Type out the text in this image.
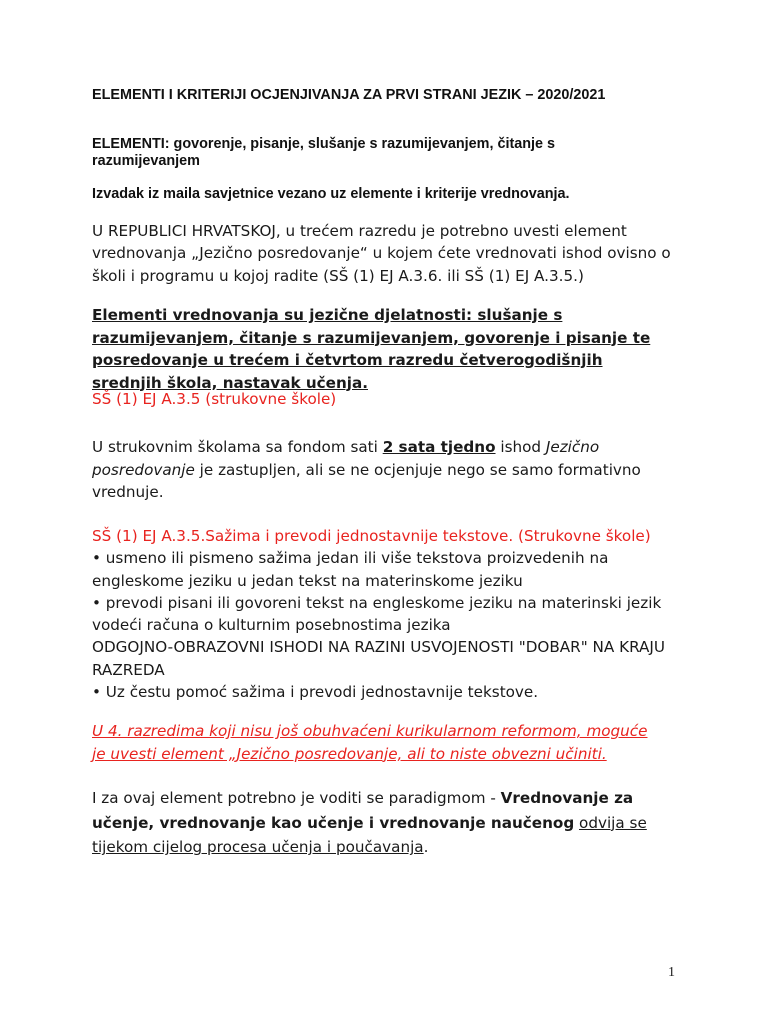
ELEMENTI I KRITERIJI OCJENJIVANJA ZA PRVI STRANI JEZIK – 2020/2021
ELEMENTI: govorenje, pisanje, slušanje s razumijevanjem, čitanje s razumijevanjem
Izvadak iz maila savjetnice vezano uz elemente i kriterije vrednovanja.
U REPUBLICI HRVATSKOJ, u trećem razredu je potrebno uvesti element vrednovanja „Jezično posredovanje“ u kojem ćete vrednovati ishod ovisno o školi i programu u kojoj radite (SŠ (1) EJ A.3.6. ili SŠ (1) EJ A.3.5.)
Elementi vrednovanja su jezične djelatnosti: slušanje s razumijevanjem, čitanje s razumijevanjem, govorenje i pisanje te posredovanje u trećem i četvrtom razredu četverogodišnjih srednjih škola, nastavak učenja.
SŠ (1) EJ A.3.5 (strukovne škole)
U strukovnim školama sa fondom sati 2 sata tjedno ishod Jezično posredovanje je zastupljen, ali se ne ocjenjuje nego se samo formativno vrednuje.
SŠ (1) EJ A.3.5.Sažima i prevodi jednostavnije tekstove. (Strukovne škole)
• usmeno ili pismeno sažima jedan ili više tekstova proizvedenih na
engleskome jeziku u jedan tekst na materinskome jeziku
• prevodi pisani ili govoreni tekst na engleskome jeziku na materinski jezik
vodeći računa o kulturnim posebnostima jezika
ODGOJNO-OBRAZOVNI ISHODI NA RAZINI USVOJENOSTI "DOBAR" NA KRAJU
RAZREDA
• Uz čestu pomoć sažima i prevodi jednostavnije tekstove.
U 4. razredima koji nisu još obuhvaćeni kurikularnom reformom, moguće je uvesti element „Jezično posredovanje, ali to niste obvezni učiniti.
I za ovaj element potrebno je voditi se paradigmom - Vrednovanje za učenje, vrednovanje kao učenje i vrednovanje naučenog odvija se tijekom cijelog procesa učenja i poučavanja.
1
